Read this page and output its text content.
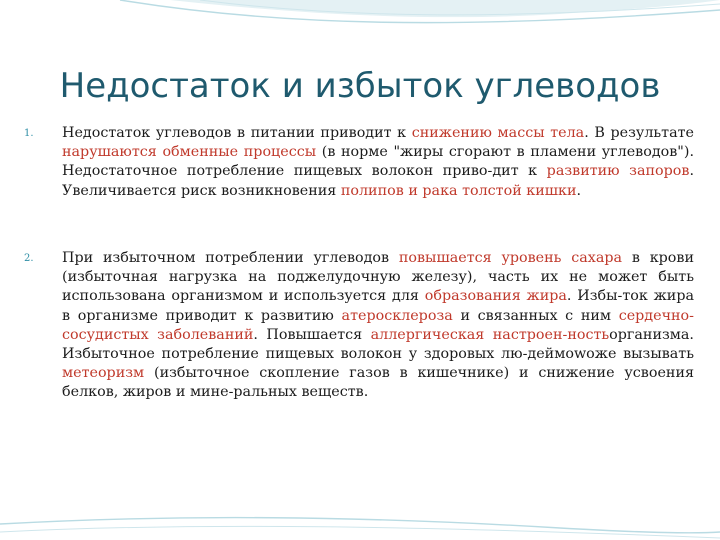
Недостаток и избыток углеводов
1. Недостаток углеводов в питании приводит к снижению массы тела. В результате нарушаются обменные процессы (в норме "жиры сгорают в пламени углеводов"). Недостаточное потребление пищевых волокон приво-дит к развитию запоров. Увеличивается риск возникновения полипов и рака толстой кишки.
2. При избыточном потреблении углеводов повышается уровень сахара в крови (избыточная нагрузка на поджелудочную железу), часть их не может быть использована организмом и используется для образования жира. Избы-ток жира в организме приводит к развитию атеросклероза и связанных с ним сердечно-сосудистых заболеваний. Повышается аллергическая настроен-ностьорганизма. Избыточное потребление пищевых волокон у здоровых лю-деймowoже вызывать метеоризм (избыточное скопление газов в кишечнике) и снижение усвоения белков, жиров и мине-ральных веществ.
